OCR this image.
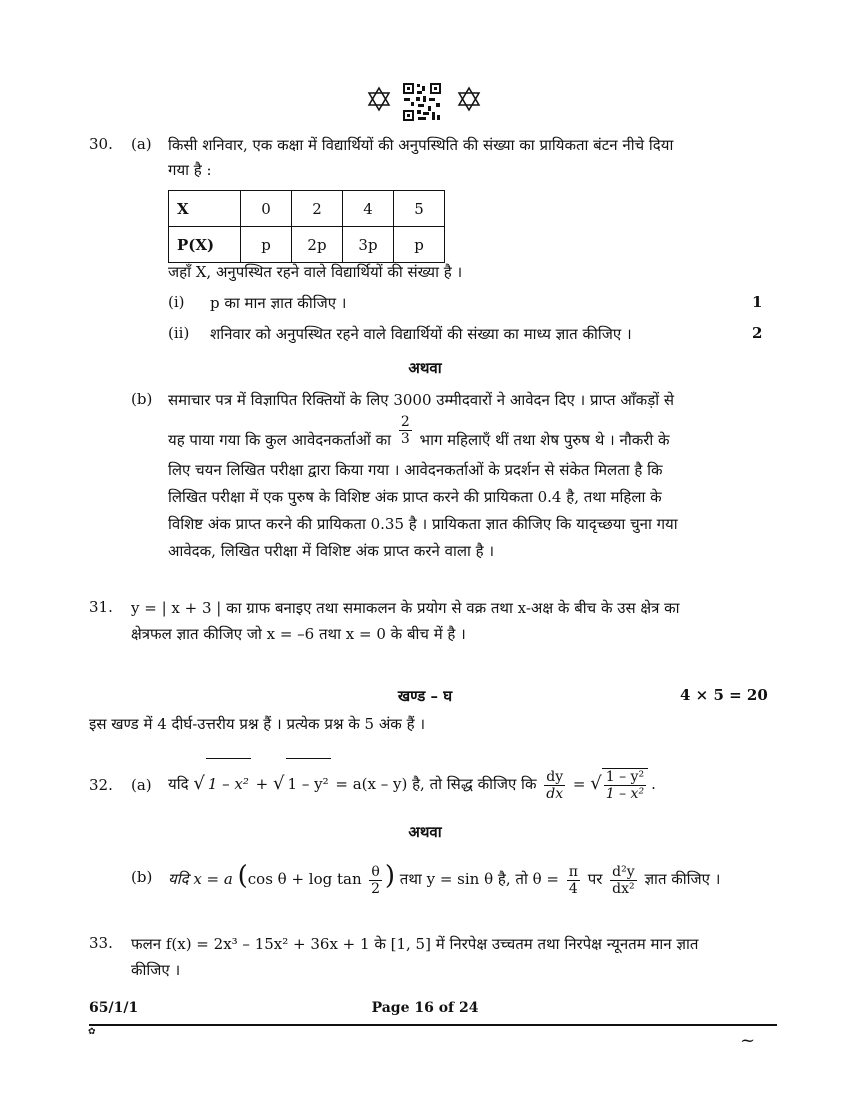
30. (a) किसी शनिवार, एक कक्षा में विद्यार्थियों की अनुपस्थिति की संख्या का प्रायिकता बंटन नीचे दिया
गया है :
X	0	2	4	5
P(X)	p	2p	3p	p
जहाँ X, अनुपस्थित रहने वाले विद्यार्थियों की संख्या है ।
(i) p का मान ज्ञात कीजिए ।	1
(ii) शनिवार को अनुपस्थित रहने वाले विद्यार्थियों की संख्या का माध्य ज्ञात कीजिए ।	2
अथवा
(b) समाचार पत्र में विज्ञापित रिक्तियों के लिए 3000 उम्मीदवारों ने आवेदन दिए । प्राप्त आँकड़ों से
यह पाया गया कि कुल आवेदनकर्ताओं का $\frac{2}{3}$ भाग महिलाएँ थीं तथा शेष पुरुष थे । नौकरी के
लिए चयन लिखित परीक्षा द्वारा किया गया । आवेदनकर्ताओं के प्रदर्शन से संकेत मिलता है कि
लिखित परीक्षा में एक पुरुष के विशिष्ट अंक प्राप्त करने की प्रायिकता 0.4 है, तथा महिला के
विशिष्ट अंक प्राप्त करने की प्रायिकता 0.35 है । प्रायिकता ज्ञात कीजिए कि यादृच्छया चुना गया
आवेदक, लिखित परीक्षा में विशिष्ट अंक प्राप्त करने वाला है ।
31. y = | x + 3 | का ग्राफ बनाइए तथा समाकलन के प्रयोग से वक्र तथा x-अक्ष के बीच के उस क्षेत्र का
क्षेत्रफल ज्ञात कीजिए जो x = –6 तथा x = 0 के बीच में है ।
खण्ड – घ	4 × 5 = 20
इस खण्ड में 4 दीर्घ-उत्तरीय प्रश्न हैं । प्रत्येक प्रश्न के 5 अंक हैं ।
32. (a) यदि √ 1 – x² + √ 1 – y² = a(x – y) है, तो सिद्ध कीजिए कि $\frac{dy}{dx}$ = √ $\frac{\text{1 – y²}}{\text{1 – x²}}$ .
अथवा
(b) यदि x = a (cos $\theta + \log \tan \frac{\theta}{2}$ ) तथा y = sin θ है, तो $\theta = \frac{\pi}{4}$ पर $\frac{\text{d²y}}{\text{dx²}}$ ज्ञात कीजिए ।
33. फलन f(x) = 2x³ – 15x² + 36x + 1 के [1, 5] में निरपेक्ष उच्चतम तथा निरपेक्ष न्यूनतम मान ज्ञात
कीजिए ।
65/1/1	Page 16 of 24
✿	~
